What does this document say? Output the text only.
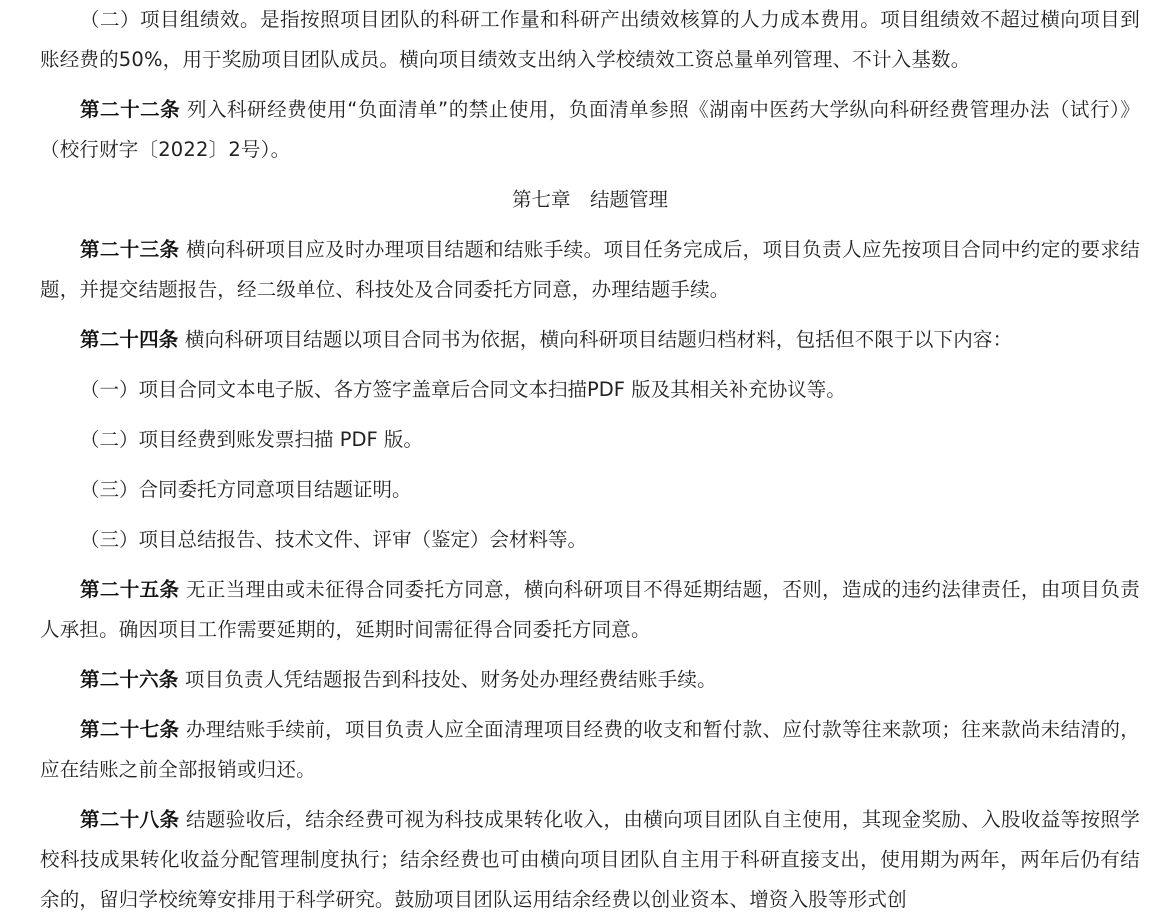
（二）项目组绩效。是指按照项目团队的科研工作量和科研产出绩效核算的人力成本费用。项目组绩效不超过横向项目到账经费的50%，用于奖励项目团队成员。横向项目绩效支出纳入学校绩效工资总量单列管理、不计入基数。

第二十二条 列入科研经费使用“负面清单”的禁止使用，负面清单参照《湖南中医药大学纵向科研经费管理办法（试行）》（校行财字〔2022〕2号）。

第七章　结题管理

第二十三条 横向科研项目应及时办理项目结题和结账手续。项目任务完成后，项目负责人应先按项目合同中约定的要求结题，并提交结题报告，经二级单位、科技处及合同委托方同意，办理结题手续。

第二十四条 横向科研项目结题以项目合同书为依据，横向科研项目结题归档材料，包括但不限于以下内容：

（一）项目合同文本电子版、各方签字盖章后合同文本扫描PDF 版及其相关补充协议等。

（二）项目经费到账发票扫描 PDF 版。

（三）合同委托方同意项目结题证明。

（三）项目总结报告、技术文件、评审（鉴定）会材料等。

第二十五条 无正当理由或未征得合同委托方同意，横向科研项目不得延期结题，否则，造成的违约法律责任，由项目负责人承担。确因项目工作需要延期的，延期时间需征得合同委托方同意。

第二十六条 项目负责人凭结题报告到科技处、财务处办理经费结账手续。

第二十七条 办理结账手续前，项目负责人应全面清理项目经费的收支和暂付款、应付款等往来款项；往来款尚未结清的，应在结账之前全部报销或归还。

第二十八条 结题验收后，结余经费可视为科技成果转化收入，由横向项目团队自主使用，其现金奖励、入股收益等按照学校科技成果转化收益分配管理制度执行；结余经费也可由横向项目团队自主用于科研直接支出，使用期为两年，两年后仍有结余的，留归学校统筹安排用于科学研究。鼓励项目团队运用结余经费以创业资本、增资入股等形式创
